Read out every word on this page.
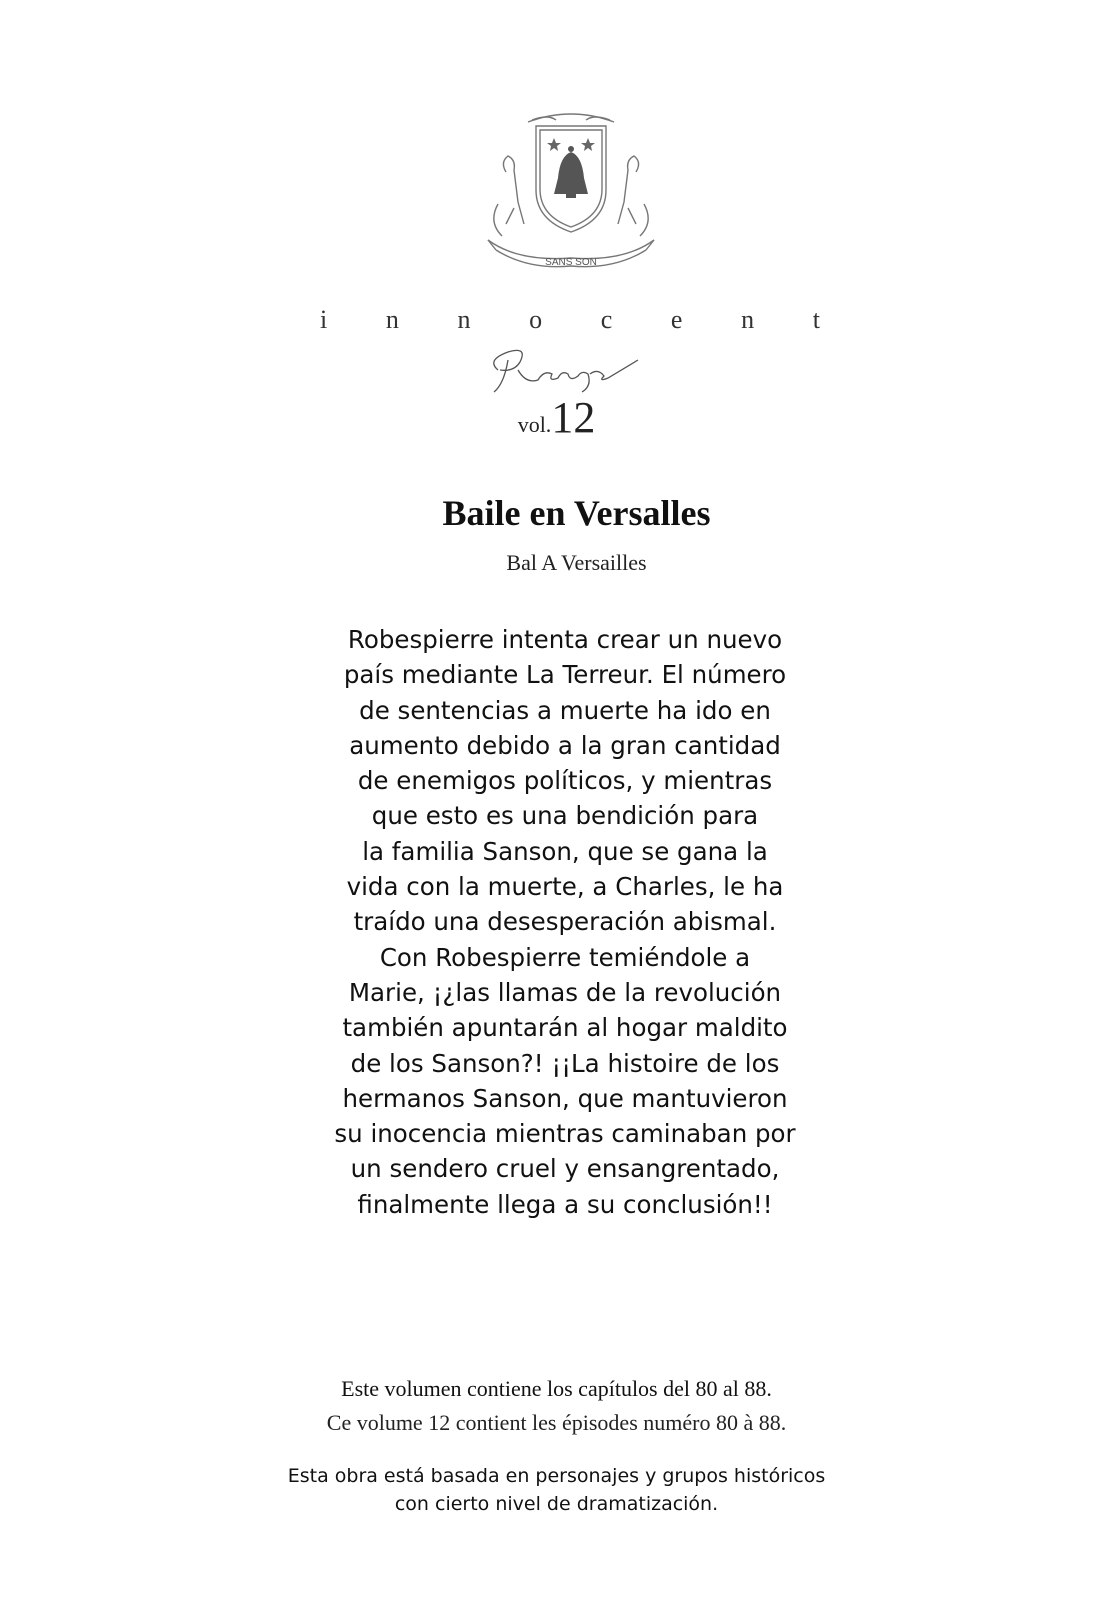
SANS SON
i n n o c e n t
vol.12
Baile en Versalles
Bal A Versailles
Robespierre intenta crear un nuevo
país mediante La Terreur. El número
de sentencias a muerte ha ido en
aumento debido a la gran cantidad
de enemigos políticos, y mientras
que esto es una bendición para
la familia Sanson, que se gana la
vida con la muerte, a Charles, le ha
traído una desesperación abismal.
Con Robespierre temiéndole a
Marie, ¡¿las llamas de la revolución
también apuntarán al hogar maldito
de los Sanson?! ¡¡La histoire de los
hermanos Sanson, que mantuvieron
su inocencia mientras caminaban por
un sendero cruel y ensangrentado,
finalmente llega a su conclusión!!
Este volumen contiene los capítulos del 80 al 88.
Ce volume 12 contient les épisodes numéro 80 à 88.
Esta obra está basada en personajes y grupos históricos
con cierto nivel de dramatización.
